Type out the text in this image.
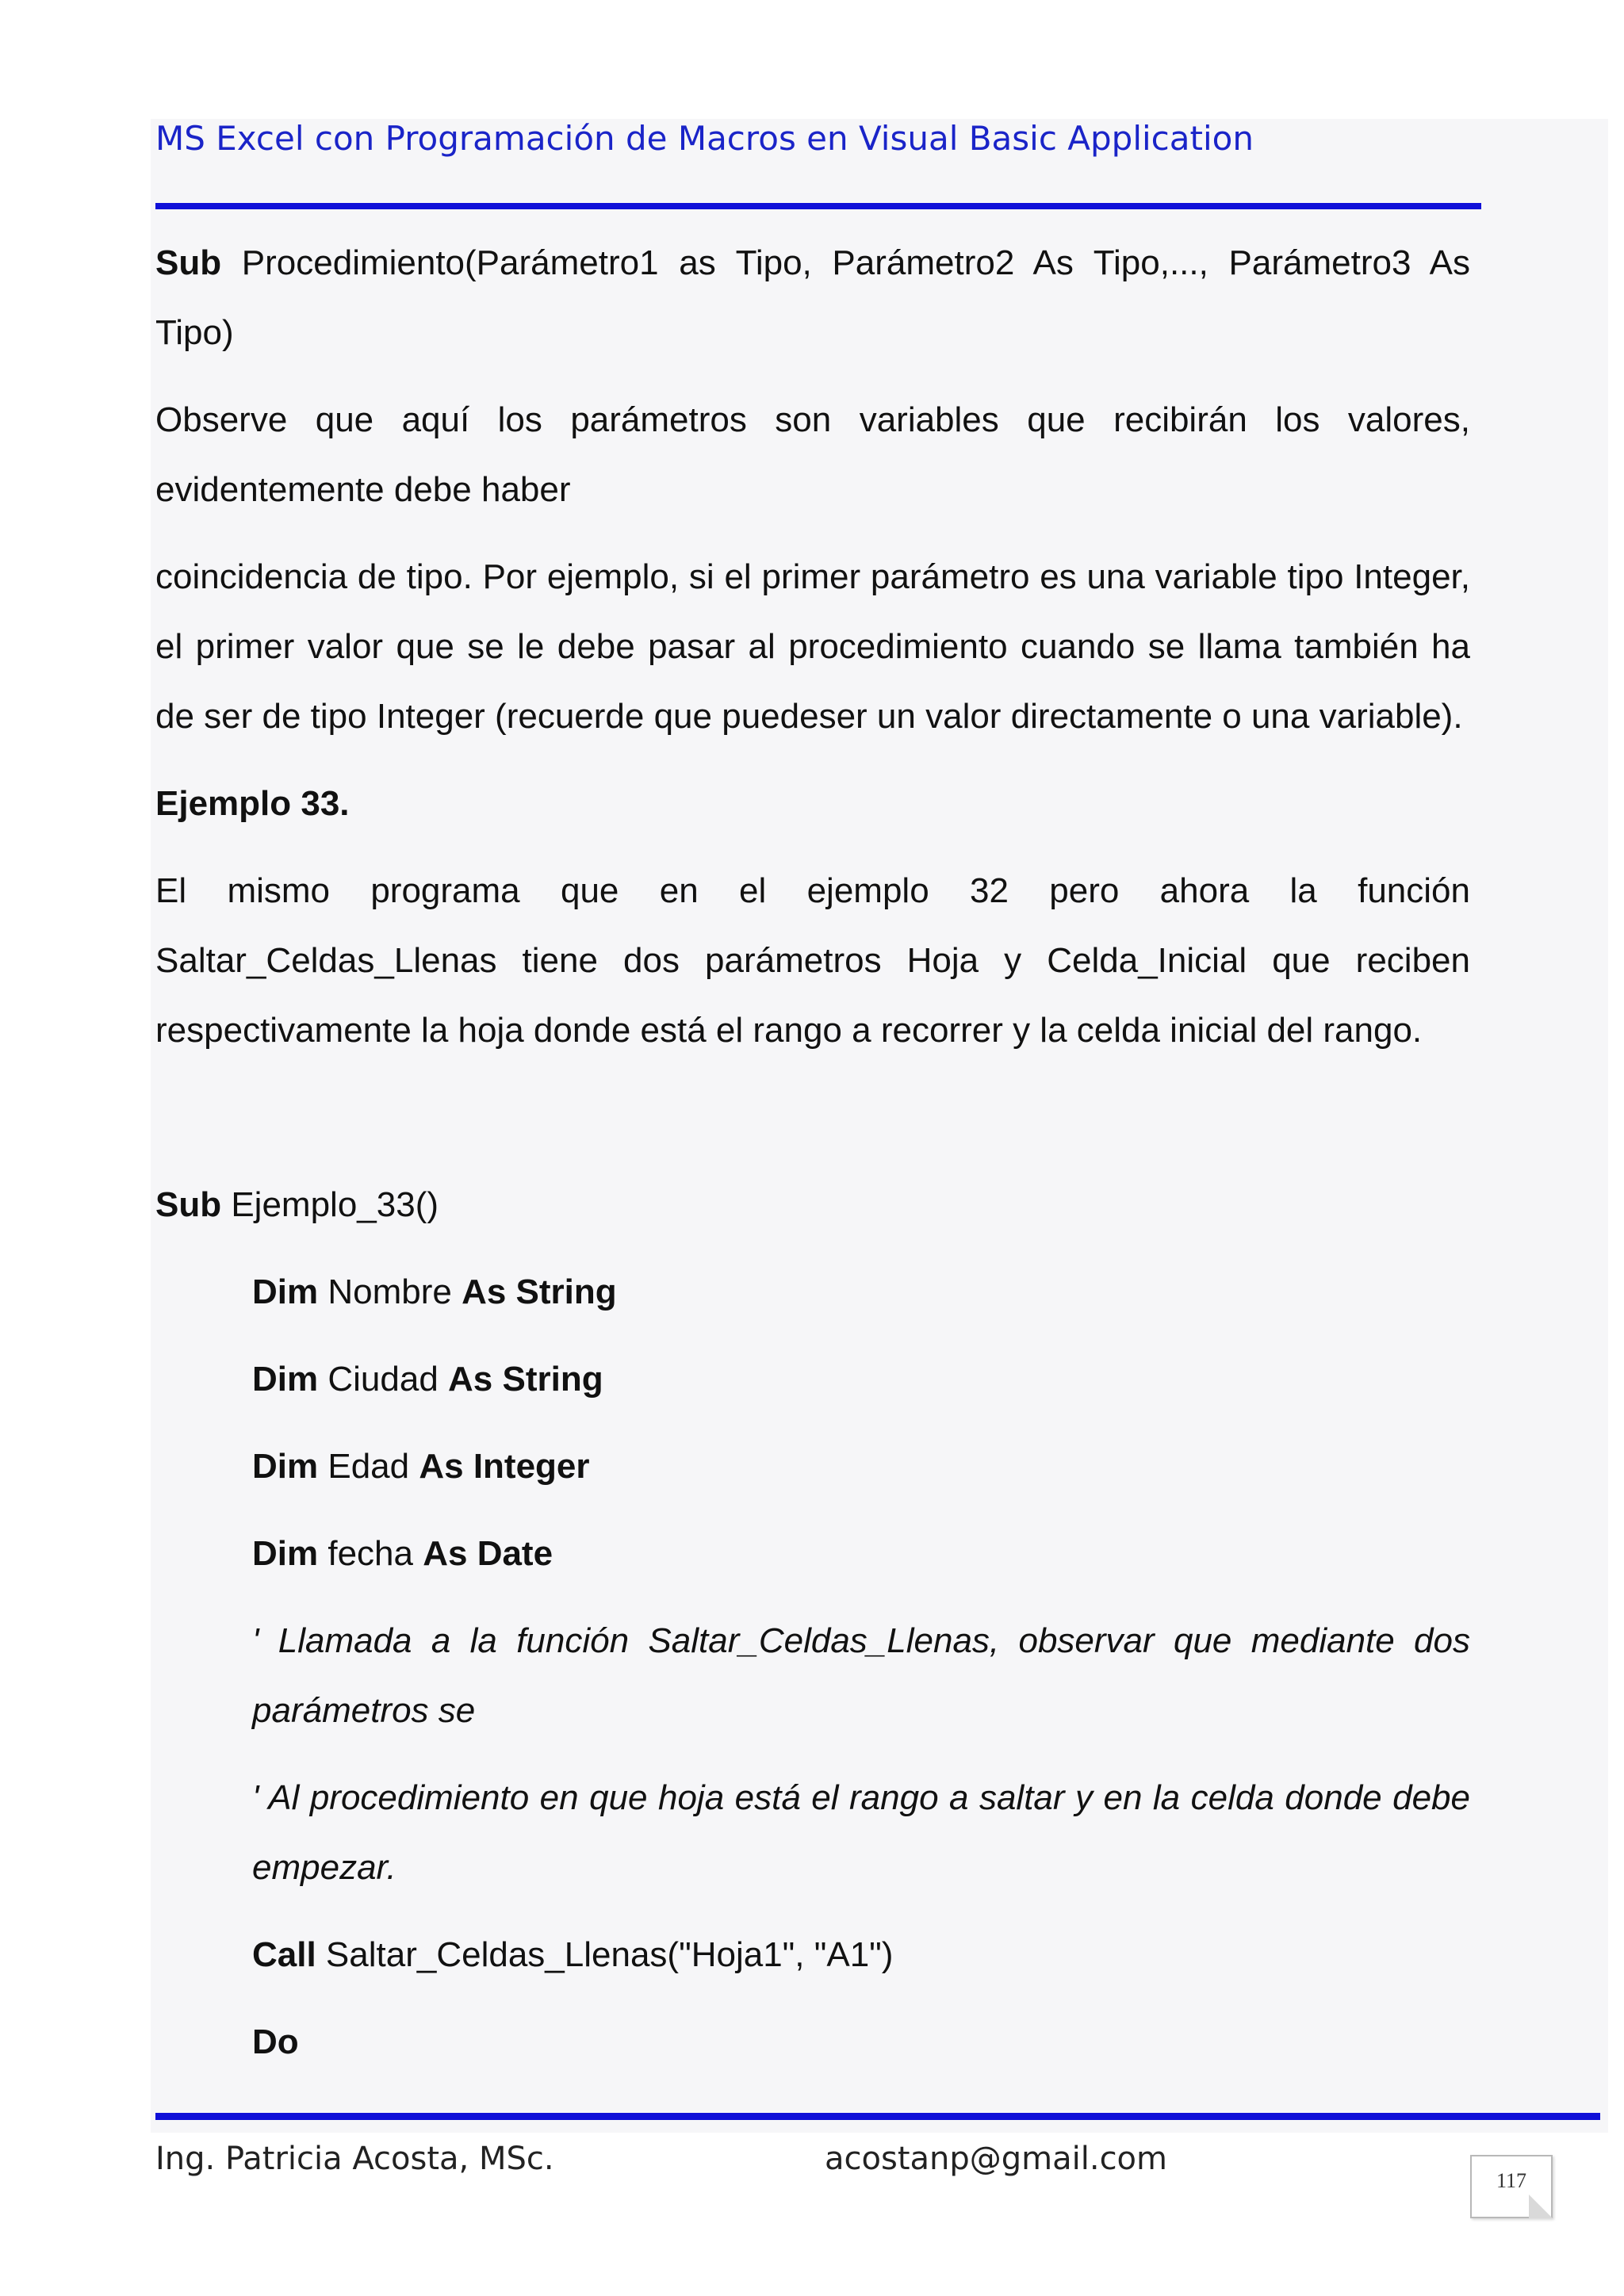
MS Excel con Programación de Macros en Visual Basic Application

Sub Procedimiento(Parámetro1 as Tipo, Parámetro2 As Tipo,..., Parámetro3 As Tipo)

Observe que aquí los parámetros son variables que recibirán los valores, evidentemente debe haber

coincidencia de tipo. Por ejemplo, si el primer parámetro es una variable tipo Integer, el primer valor que se le debe pasar al procedimiento cuando se llama también ha de ser de tipo Integer (recuerde que puedeser un valor directamente o una variable).

Ejemplo 33.

El mismo programa que en el ejemplo 32 pero ahora la función Saltar_Celdas_Llenas tiene dos parámetros Hoja y Celda_Inicial que reciben respectivamente la hoja donde está el rango a recorrer y la celda inicial del rango.

Sub Ejemplo_33()

Dim Nombre As String

Dim Ciudad As String

Dim Edad As Integer

Dim fecha As Date

' Llamada a la función Saltar_Celdas_Llenas, observar que mediante dos parámetros se

' Al procedimiento en que hoja está el rango a saltar y en la celda donde debe empezar.

Call Saltar_Celdas_Llenas("Hoja1", "A1")

Do

Ing. Patricia Acosta, MSc.	acostanp@gmail.com
117
